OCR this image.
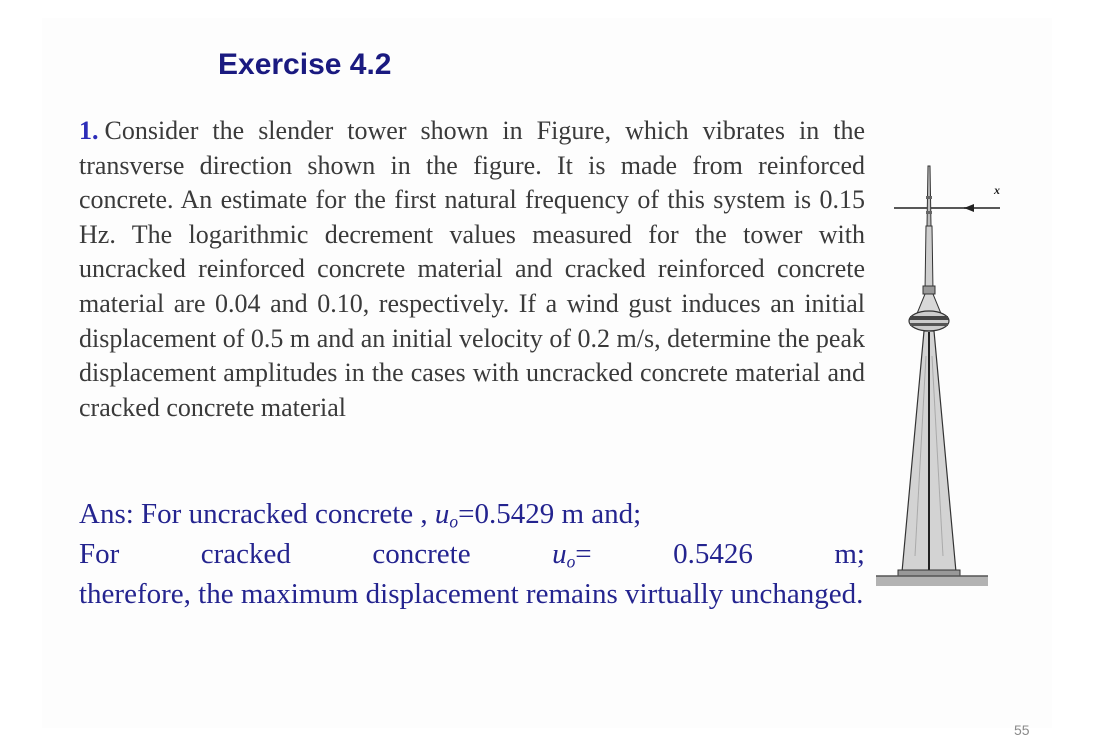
Exercise 4.2

1. Consider the slender tower shown in Figure, which vibrates in the transverse direction shown in the figure. It is made from reinforced concrete. An estimate for the first natural frequency of this system is 0.15 Hz. The logarithmic decrement values measured for the tower with uncracked reinforced concrete material and cracked reinforced concrete material are 0.04 and 0.10, respectively. If a wind gust induces an initial displacement of 0.5 m and an initial velocity of 0.2 m/s, determine the peak displacement amplitudes in the cases with uncracked concrete material and cracked concrete material

Ans: For uncracked concrete , $u_o=0.5429$ m and;
For	cracked	concrete	$u_o=$	0.5426	m;
therefore, the maximum displacement remains virtually unchanged.
x
55
